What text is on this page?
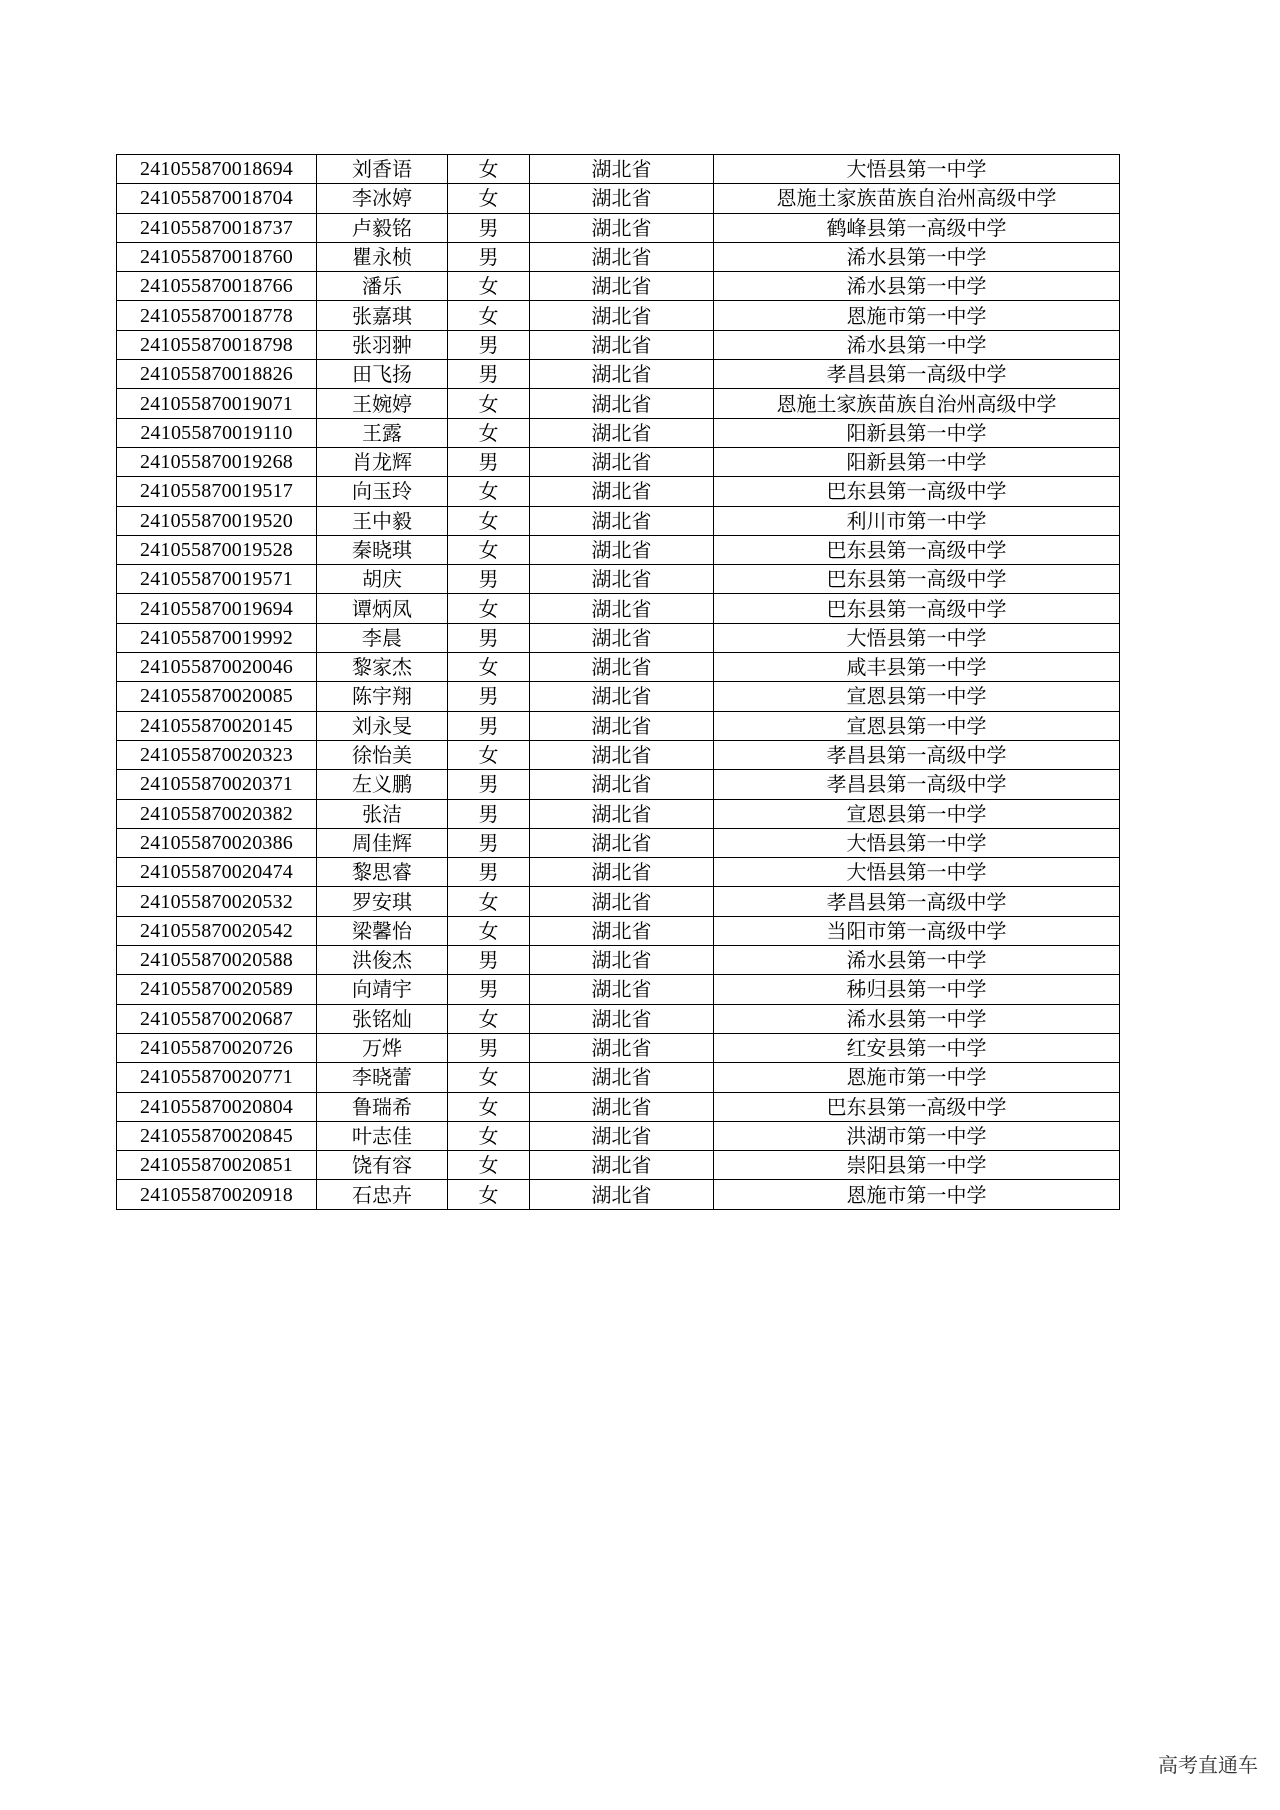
241055870018694	刘香语	女	湖北省	大悟县第一中学
241055870018704	李冰婷	女	湖北省	恩施土家族苗族自治州高级中学
241055870018737	卢毅铭	男	湖北省	鹤峰县第一高级中学
241055870018760	瞿永桢	男	湖北省	浠水县第一中学
241055870018766	潘乐	女	湖北省	浠水县第一中学
241055870018778	张嘉琪	女	湖北省	恩施市第一中学
241055870018798	张羽翀	男	湖北省	浠水县第一中学
241055870018826	田飞扬	男	湖北省	孝昌县第一高级中学
241055870019071	王婉婷	女	湖北省	恩施土家族苗族自治州高级中学
241055870019110	王露	女	湖北省	阳新县第一中学
241055870019268	肖龙辉	男	湖北省	阳新县第一中学
241055870019517	向玉玲	女	湖北省	巴东县第一高级中学
241055870019520	王中毅	女	湖北省	利川市第一中学
241055870019528	秦晓琪	女	湖北省	巴东县第一高级中学
241055870019571	胡庆	男	湖北省	巴东县第一高级中学
241055870019694	谭炳凤	女	湖北省	巴东县第一高级中学
241055870019992	李晨	男	湖北省	大悟县第一中学
241055870020046	黎家杰	女	湖北省	咸丰县第一中学
241055870020085	陈宇翔	男	湖北省	宣恩县第一中学
241055870020145	刘永旻	男	湖北省	宣恩县第一中学
241055870020323	徐怡美	女	湖北省	孝昌县第一高级中学
241055870020371	左义鹏	男	湖北省	孝昌县第一高级中学
241055870020382	张洁	男	湖北省	宣恩县第一中学
241055870020386	周佳辉	男	湖北省	大悟县第一中学
241055870020474	黎思睿	男	湖北省	大悟县第一中学
241055870020532	罗安琪	女	湖北省	孝昌县第一高级中学
241055870020542	梁馨怡	女	湖北省	当阳市第一高级中学
241055870020588	洪俊杰	男	湖北省	浠水县第一中学
241055870020589	向靖宇	男	湖北省	秭归县第一中学
241055870020687	张铭灿	女	湖北省	浠水县第一中学
241055870020726	万烨	男	湖北省	红安县第一中学
241055870020771	李晓蕾	女	湖北省	恩施市第一中学
241055870020804	鲁瑞希	女	湖北省	巴东县第一高级中学
241055870020845	叶志佳	女	湖北省	洪湖市第一中学
241055870020851	饶有容	女	湖北省	崇阳县第一中学
241055870020918	石忠卉	女	湖北省	恩施市第一中学
高考直通车
